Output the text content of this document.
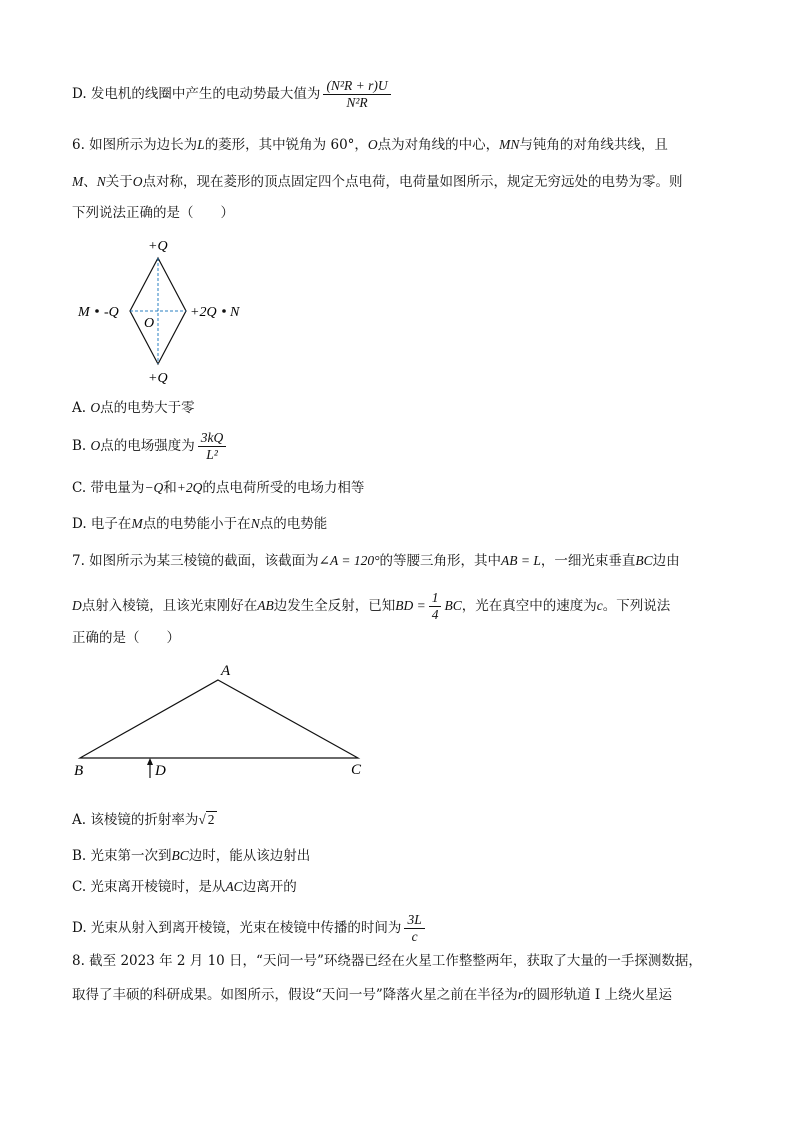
D. 发电机的线圈中产生的电动势最大值为 $\frac{\text{(N²R + r)U}}{\text{N²R}}$
6. 如图所示为边长为L的菱形，其中锐角为 60°，O点为对角线的中心，MN与钝角的对角线共线，且
M、N关于O点对称，现在菱形的顶点固定四个点电荷，电荷量如图所示，规定无穷远处的电势为零。则
下列说法正确的是（　　）
+Q
+Q
-Q	+2Q
O
M	N
A. O点的电势大于零
B. O点的电场强度为 $\frac{3kQ}{\text{L²}}$
C. 带电量为−Q和+2Q的点电荷所受的电场力相等
D. 电子在M点的电势能小于在N点的电势能
7. 如图所示为某三棱镜的截面，该截面为∠A = 120°的等腰三角形，其中AB = L，一细光束垂直BC边由
D点射入棱镜，且该光束刚好在AB边发生全反射，已知BD = $\frac{1}{4}$ BC，光在真空中的速度为c。下列说法
正确的是（　　）
A
B	C
D
A. 该棱镜的折射率为√ 2
B. 光束第一次到BC边时，能从该边射出
C. 光束离开棱镜时，是从AC边离开的
D. 光束从射入到离开棱镜，光束在棱镜中传播的时间为 $\frac{3L}{c}$
8. 截至 2023 年 2 月 10 日，“天问一号”环绕器已经在火星工作整整两年，获取了大量的一手探测数据，
取得了丰硕的科研成果。如图所示，假设“天问一号”降落火星之前在半径为r的圆形轨道 I 上绕火星运
